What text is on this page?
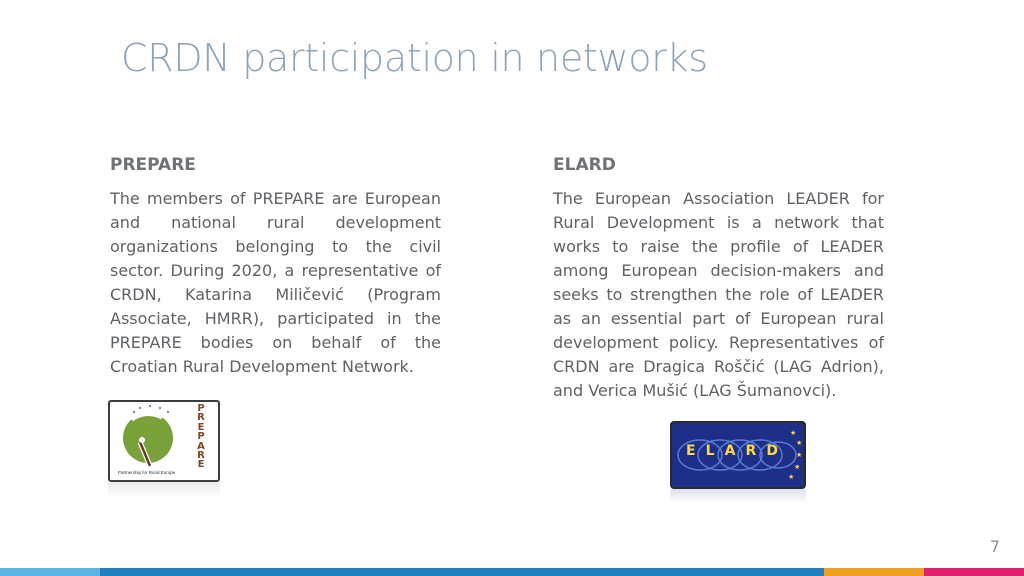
CRDN participation in networks
PREPARE

The members of PREPARE are European and national rural development organizations belonging to the civil sector. During 2020, a representative of CRDN, Katarina Miličević (Program Associate, HMRR), participated in the PREPARE bodies on behalf of the Croatian Rural Development Network.

ELARD

The European Association LEADER for Rural Development is a network that works to raise the profile of LEADER among European decision-makers and seeks to strengthen the role of LEADER as an essential part of European rural development policy. Representatives of CRDN are Dragica Roščić (LAG Adrion), and Verica Mušić (LAG Šumanovci).

P
R
E
P
A
R
E
Partnership for Rural Europe
★
★
★
★
★
E L A R D
7
